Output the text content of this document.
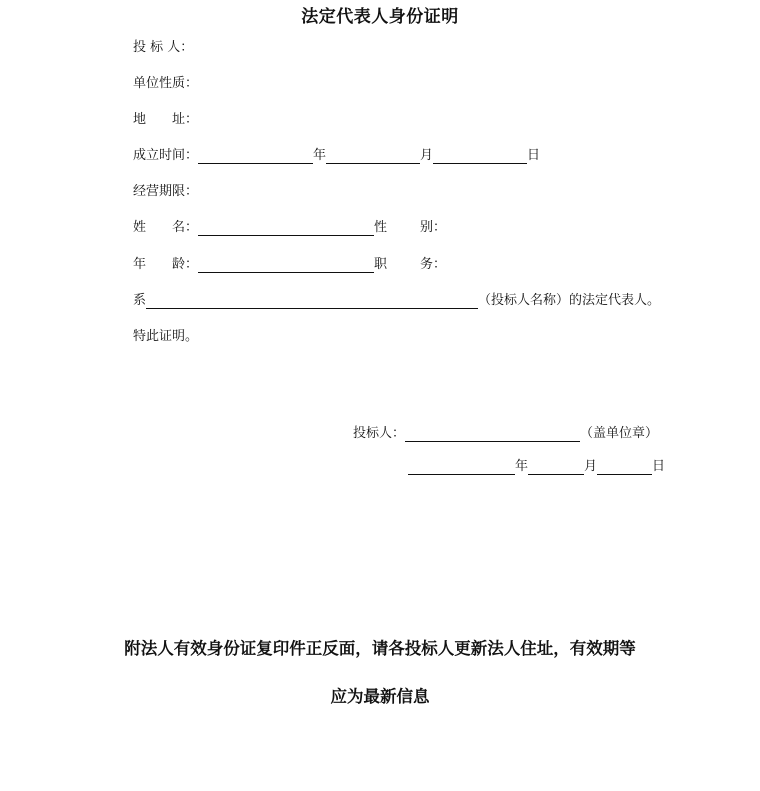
法定代表人身份证明
投 标 人：
单位性质：
地 址：
成立时间：	年	月	日
经营期限：
姓 名：	性	别：
年 龄：	职	务：
系	（投标人名称）的法定代表人。
特此证明。
投标人：	（盖单位章）
年	月	日
附法人有效身份证复印件正反面，请各投标人更新法人住址，有效期等
应为最新信息
